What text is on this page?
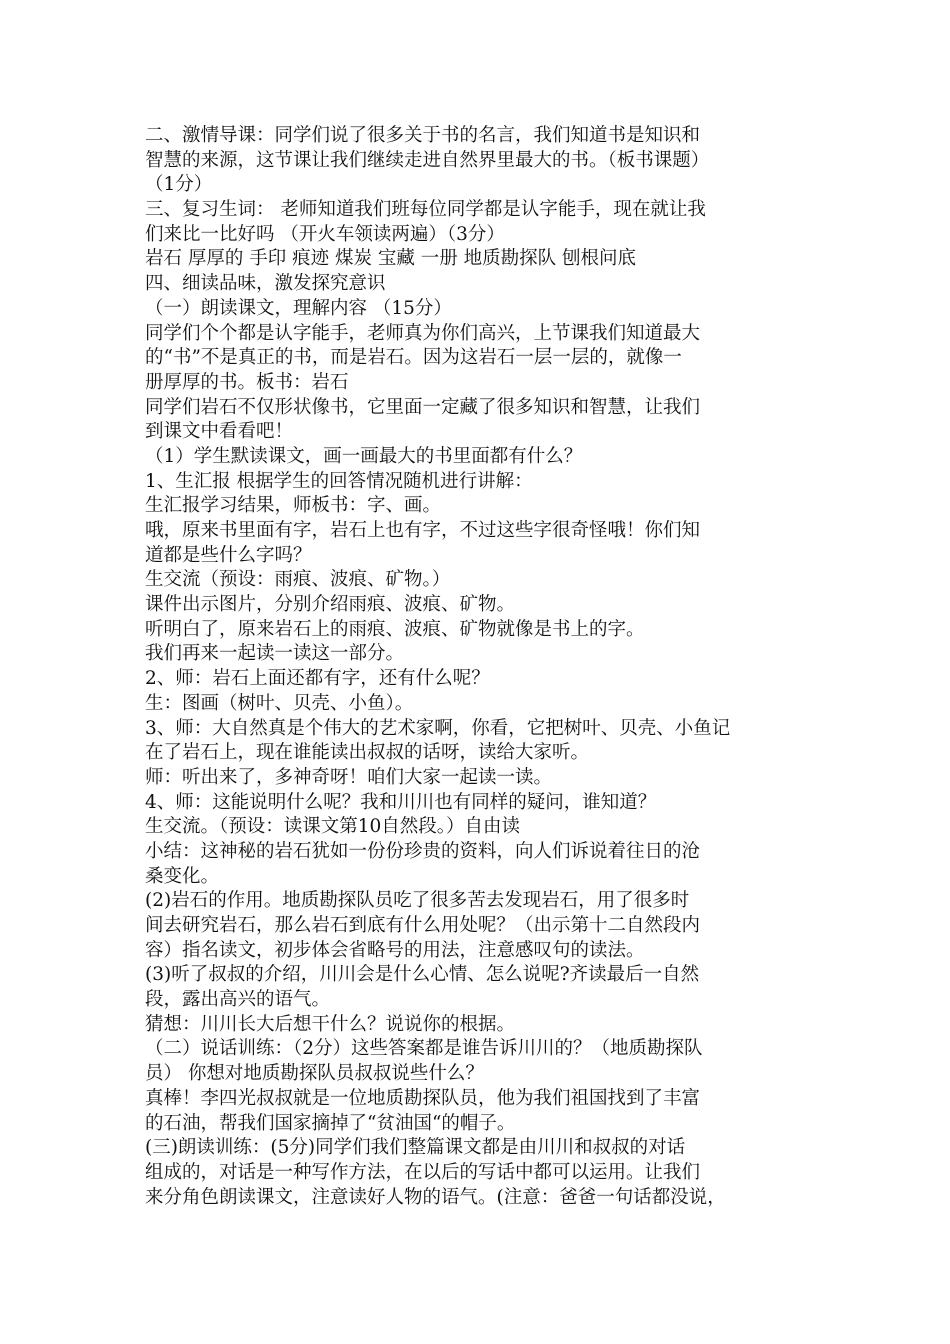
二、激情导课：同学们说了很多关于书的名言，我们知道书是知识和
智慧的来源，这节课让我们继续走进自然界里最大的书。（板书课题）
（1分）
三、复习生词： 老师知道我们班每位同学都是认字能手，现在就让我
们来比一比好吗 （开火车领读两遍）（3分）
岩石 厚厚的 手印 痕迹 煤炭 宝藏 一册 地质勘探队 刨根问底
四、细读品味，激发探究意识
（一）朗读课文，理解内容 （15分）
同学们个个都是认字能手，老师真为你们高兴，上节课我们知道最大
的“书”不是真正的书，而是岩石。因为这岩石一层一层的，就像一
册厚厚的书。板书：岩石
同学们岩石不仅形状像书，它里面一定藏了很多知识和智慧，让我们
到课文中看看吧！
（1）学生默读课文，画一画最大的书里面都有什么？
1、生汇报 根据学生的回答情况随机进行讲解：
生汇报学习结果，师板书：字、画。
哦，原来书里面有字，岩石上也有字，不过这些字很奇怪哦！你们知
道都是些什么字吗？
生交流（预设：雨痕、波痕、矿物。）
课件出示图片，分别介绍雨痕、波痕、矿物。
听明白了，原来岩石上的雨痕、波痕、矿物就像是书上的字。
我们再来一起读一读这一部分。
2、师：岩石上面还都有字，还有什么呢？
生：图画（树叶、贝壳、小鱼）。
3、师：大自然真是个伟大的艺术家啊，你看，它把树叶、贝壳、小鱼记
在了岩石上，现在谁能读出叔叔的话呀，读给大家听。
师：听出来了，多神奇呀！咱们大家一起读一读。
4、师：这能说明什么呢？我和川川也有同样的疑问，谁知道？
生交流。（预设：读课文第10自然段。）自由读
小结：这神秘的岩石犹如一份份珍贵的资料，向人们诉说着往日的沧
桑变化。
(2)岩石的作用。地质勘探队员吃了很多苦去发现岩石，用了很多时
间去研究岩石，那么岩石到底有什么用处呢？（出示第十二自然段内
容）指名读文，初步体会省略号的用法，注意感叹句的读法。
(3)听了叔叔的介绍，川川会是什么心情、怎么说呢?齐读最后一自然
段，露出高兴的语气。
猜想：川川长大后想干什么？说说你的根据。
（二）说话训练：（2分）这些答案都是谁告诉川川的？（地质勘探队
员） 你想对地质勘探队员叔叔说些什么？
真棒！李四光叔叔就是一位地质勘探队员，他为我们祖国找到了丰富
的石油，帮我们国家摘掉了“贫油国“的帽子。
(三)朗读训练：(5分)同学们我们整篇课文都是由川川和叔叔的对话
组成的，对话是一种写作方法，在以后的写话中都可以运用。让我们
来分角色朗读课文，注意读好人物的语气。(注意：爸爸一句话都没说，
